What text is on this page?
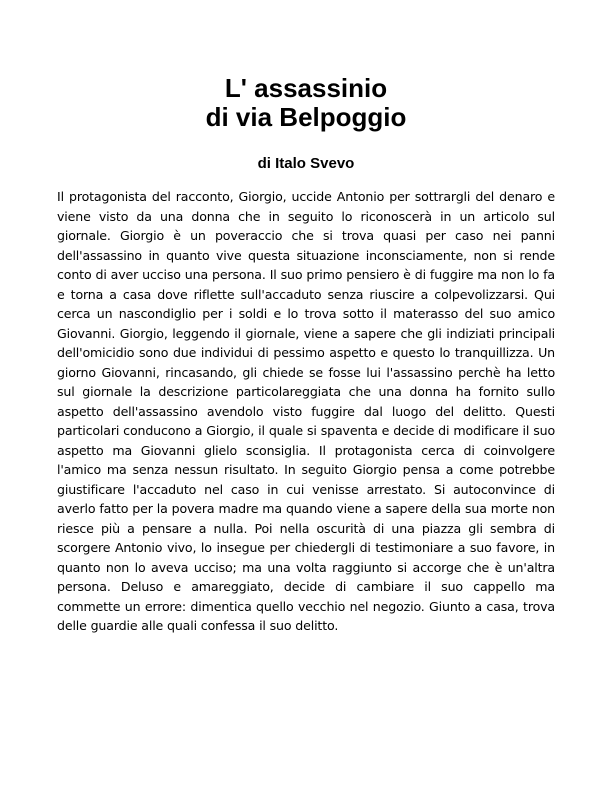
L' assassinio
di via Belpoggio

di Italo Svevo

Il protagonista del racconto, Giorgio, uccide Antonio per sottrargli del denaro e viene visto da una donna che in seguito lo riconoscerà in un articolo sul giornale. Giorgio è un poveraccio che si trova quasi per caso nei panni dell'assassino in quanto vive questa situazione inconsciamente, non si rende conto di aver ucciso una persona. Il suo primo pensiero è di fuggire ma non lo fa e torna a casa dove riflette sull'accaduto senza riuscire a colpevolizzarsi. Qui cerca un nascondiglio per i soldi e lo trova sotto il materasso del suo amico Giovanni. Giorgio, leggendo il giornale, viene a sapere che gli indiziati principali dell'omicidio sono due individui di pessimo aspetto e questo lo tranquillizza. Un giorno Giovanni, rincasando, gli chiede se fosse lui l'assassino perchè ha letto sul giornale la descrizione particolareggiata che una donna ha fornito sullo aspetto dell'assassino avendolo visto fuggire dal luogo del delitto. Questi particolari conducono a Giorgio, il quale si spaventa e decide di modificare il suo aspetto ma Giovanni glielo sconsiglia. Il protagonista cerca di coinvolgere l'amico ma senza nessun risultato. In seguito Giorgio pensa a come potrebbe giustificare l'accaduto nel caso in cui venisse arrestato. Si autoconvince di averlo fatto per la povera madre ma quando viene a sapere della sua morte non riesce più a pensare a nulla. Poi nella oscurità di una piazza gli sembra di scorgere Antonio vivo, lo insegue per chiedergli di testimoniare a suo favore, in quanto non lo aveva ucciso; ma una volta raggiunto si accorge che è un'altra persona. Deluso e amareggiato, decide di cambiare il suo cappello ma commette un errore: dimentica quello vecchio nel negozio. Giunto a casa, trova delle guardie alle quali confessa il suo delitto.
